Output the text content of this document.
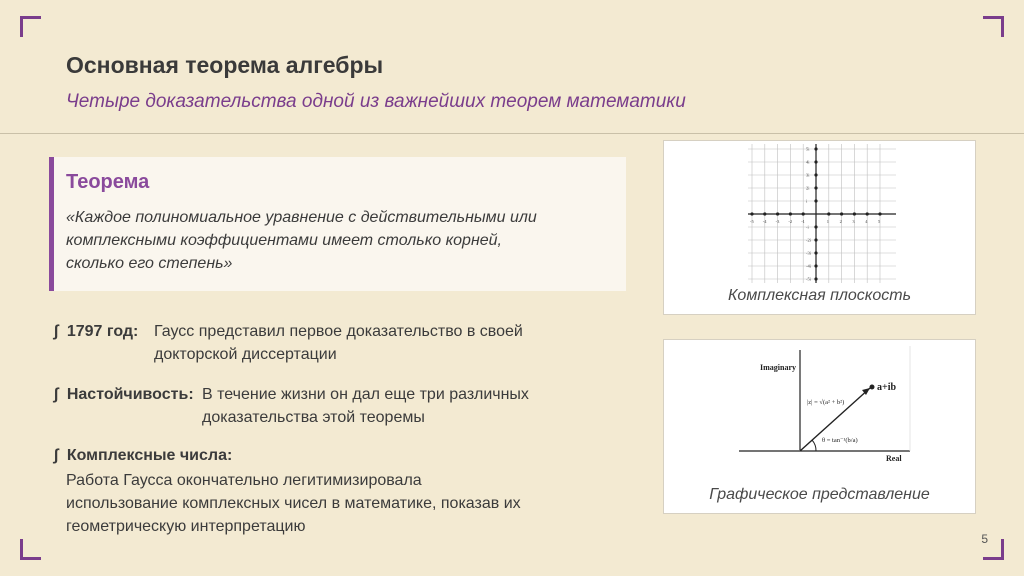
Основная теорема алгебры
Четыре доказательства одной из важнейших теорем математики
Теорема
«Каждое полиномиальное уравнение с действительными или
комплексными коэффициентами имеет столько корней,
сколько его степень»
∫ 1797 год: Гаусс представил первое доказательство в своей
докторской диссертации
∫ Настойчивость: В течение жизни он дал еще три различных
доказательства этой теоремы
∫ Комплексные числа:
Работа Гаусса окончательно легитимизировала
использование комплексных чисел в математике, показав их
геометрическую интерпретацию
-5 -4 -3 -2 -1	1 2 3 4 5
5i
4i
3i
2i
i
-i
-2i
-3i
-4i
-5i
Комплексная плоскость
Imaginary
Real
a+ib
|z| = √(a² + b²)
θ = tan⁻¹(b/a)
Графическое представление
5
